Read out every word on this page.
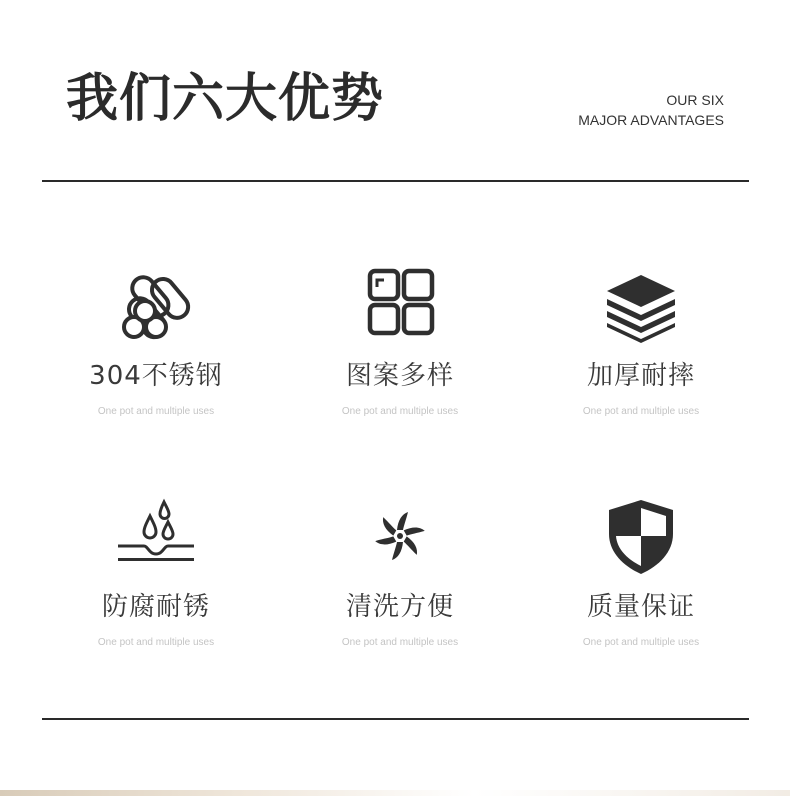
我们六大优势	OUR SIX
MAJOR ADVANTAGES
304不锈钢
One pot and multiple uses
图案多样
One pot and multiple uses
加厚耐摔
One pot and multiple uses
防腐耐锈
One pot and multiple uses
清洗方便
One pot and multiple uses
质量保证
One pot and multiple uses
